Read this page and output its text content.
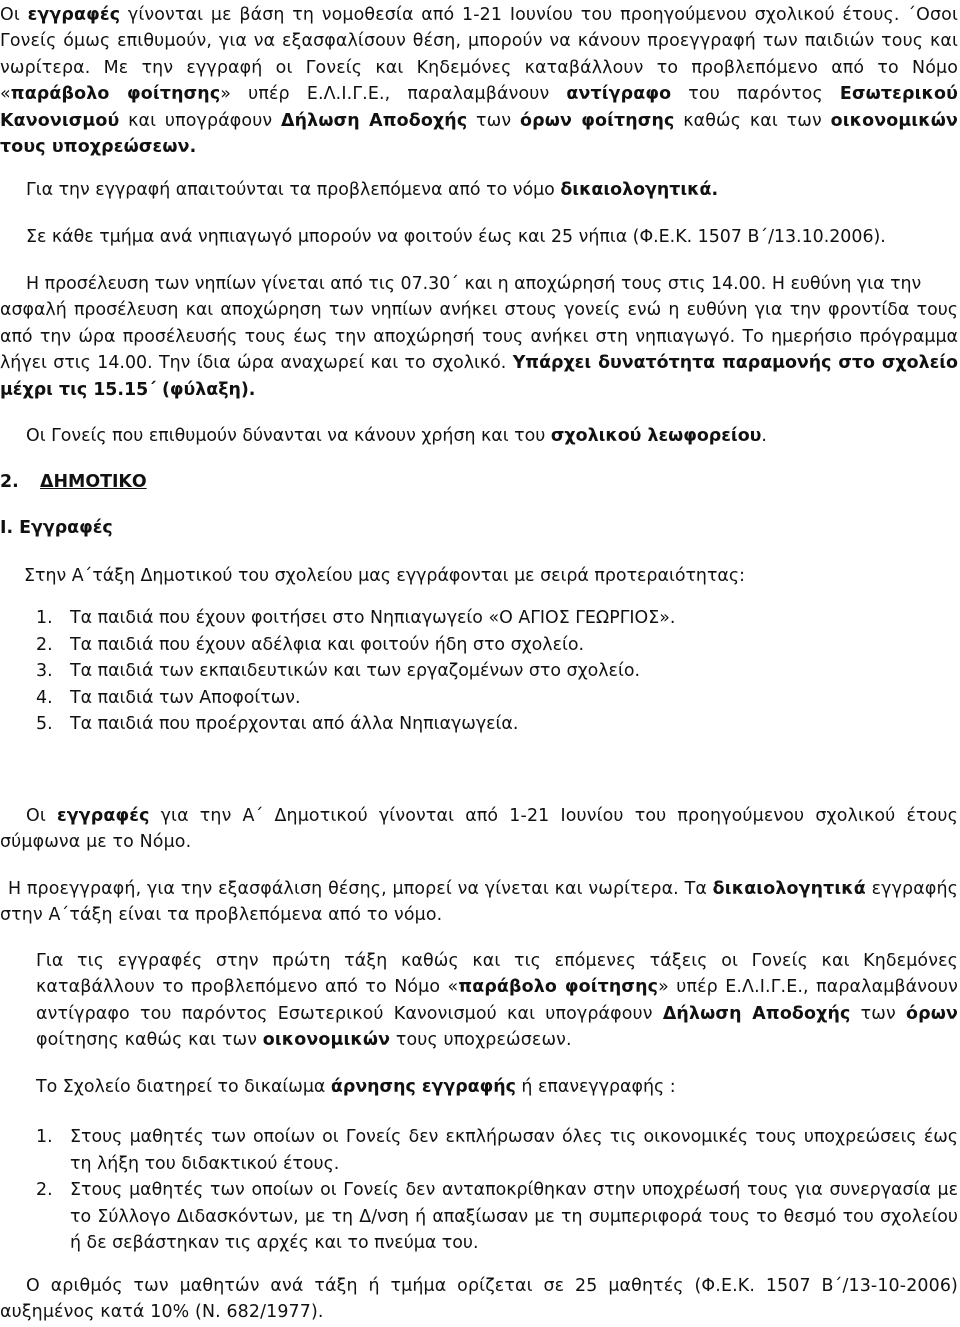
Οι εγγραφές γίνονται με βάση τη νομοθεσία από 1-21 Ιουνίου του προηγούμενου σχολικού έτους. ΄Οσοι Γονείς όμως επιθυμούν, για να εξασφαλίσουν θέση, μπορούν να κάνουν προεγγραφή των παιδιών τους και νωρίτερα. Με την εγγραφή οι Γονείς και Κηδεμόνες καταβάλλουν το προβλεπόμενο από το Νόμο «παράβολο φοίτησης» υπέρ Ε.Λ.Ι.Γ.Ε., παραλαμβάνουν αντίγραφο του παρόντος Εσωτερικού Κανονισμού και υπογράφουν Δήλωση Αποδοχής των όρων φοίτησης καθώς και των οικονομικών τους υποχρεώσεων.

Για την εγγραφή απαιτούνται τα προβλεπόμενα από το νόμο δικαιολογητικά.

Σε κάθε τμήμα ανά νηπιαγωγό μπορούν να φοιτούν έως και 25 νήπια (Φ.Ε.Κ. 1507 Β΄/13.10.2006).

Η προσέλευση των νηπίων γίνεται από τις 07.30΄ και η αποχώρησή τους στις 14.00. Η ευθύνη για την

ασφαλή προσέλευση και αποχώρηση των νηπίων ανήκει στους γονείς ενώ η ευθύνη για την φροντίδα τους από την ώρα προσέλευσής τους έως την αποχώρησή τους ανήκει στη νηπιαγωγό. Το ημερήσιο πρόγραμμα λήγει στις 14.00. Την ίδια ώρα αναχωρεί και το σχολικό. Υπάρχει δυνατότητα παραμονής στο σχολείο μέχρι τις 15.15΄ (φύλαξη).

Οι Γονείς που επιθυμούν δύνανται να κάνουν χρήση και του σχολικού λεωφορείου.

2. ΔΗΜΟΤΙΚΟ
Ι. Εγγραφές

Στην Α΄τάξη Δημοτικού του σχολείου μας εγγράφονται με σειρά προτεραιότητας:

1.	Τα παιδιά που έχουν φοιτήσει στο Νηπιαγωγείο «Ο ΑΓΙΟΣ ΓΕΩΡΓΙΟΣ».
2.	Τα παιδιά που έχουν αδέλφια και φοιτούν ήδη στο σχολείο.
3.	Τα παιδιά των εκπαιδευτικών και των εργαζομένων στο σχολείο.
4.	Τα παιδιά των Αποφοίτων.
5.	Τα παιδιά που προέρχονται από άλλα Νηπιαγωγεία.

Οι εγγραφές για την Α΄ Δημοτικού γίνονται από 1-21 Ιουνίου του προηγούμενου σχολικού έτους σύμφωνα με το Νόμο.

Η προεγγραφή, για την εξασφάλιση θέσης, μπορεί να γίνεται και νωρίτερα. Τα δικαιολογητικά εγγραφής στην Α΄τάξη είναι τα προβλεπόμενα από το νόμο.

Για τις εγγραφές στην πρώτη τάξη καθώς και τις επόμενες τάξεις οι Γονείς και Κηδεμόνες καταβάλλουν το προβλεπόμενο από το Νόμο «παράβολο φοίτησης» υπέρ Ε.Λ.Ι.Γ.Ε., παραλαμβάνουν αντίγραφο του παρόντος Εσωτερικού Κανονισμού και υπογράφουν Δήλωση Αποδοχής των όρων φοίτησης καθώς και των οικονομικών τους υποχρεώσεων.

Το Σχολείο διατηρεί το δικαίωμα άρνησης εγγραφής ή επανεγγραφής :

1.	Στους μαθητές των οποίων οι Γονείς δεν εκπλήρωσαν όλες τις οικονομικές τους υποχρεώσεις έως τη λήξη του διδακτικού έτους.
2.	Στους μαθητές των οποίων οι Γονείς δεν ανταποκρίθηκαν στην υποχρέωσή τους για συνεργασία με το Σύλλογο Διδασκόντων, με τη Δ/νση ή απαξίωσαν με τη συμπεριφορά τους το θεσμό του σχολείου ή δε σεβάστηκαν τις αρχές και το πνεύμα του.

Ο αριθμός των μαθητών ανά τάξη ή τμήμα ορίζεται σε 25 μαθητές (Φ.Ε.Κ. 1507 Β΄/13-10-2006) αυξημένος κατά 10% (Ν. 682/1977).
